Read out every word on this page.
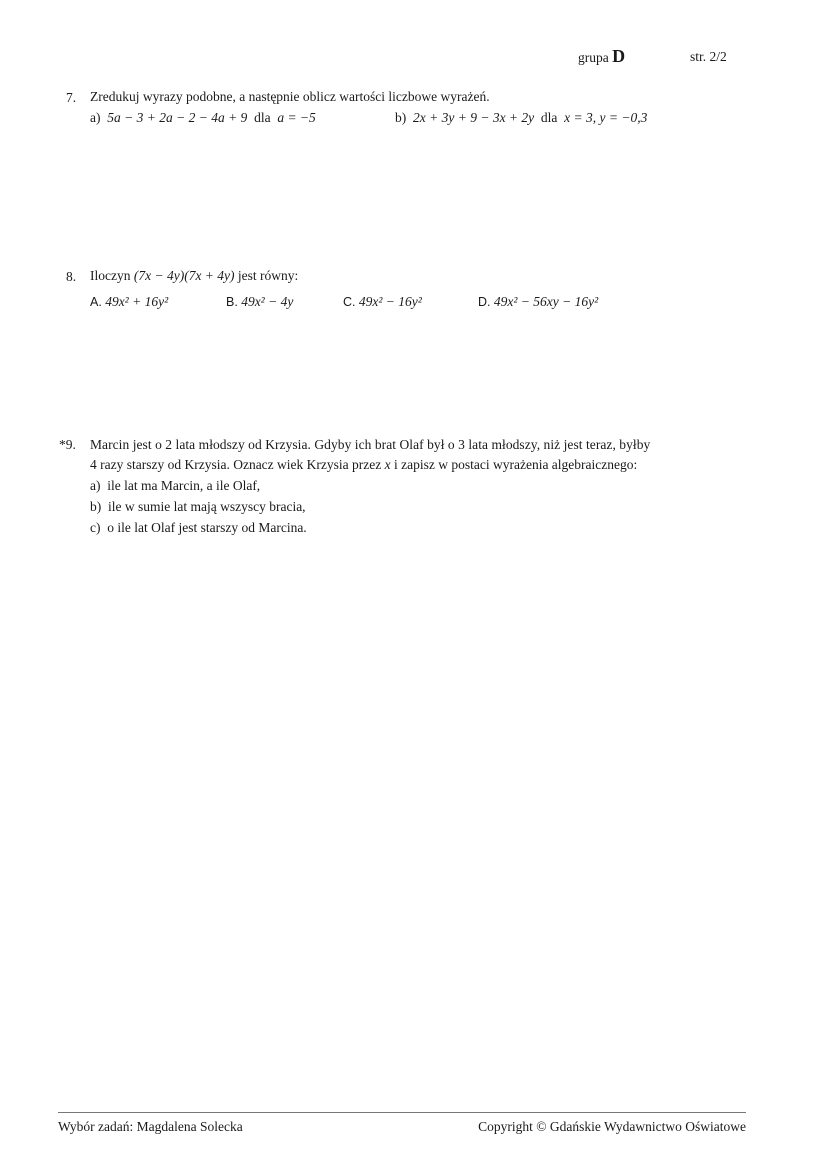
grupa D	str. 2/2
7. Zredukuj wyrazy podobne, a następnie oblicz wartości liczbowe wyrażeń.
a) 5a − 3 + 2a − 2 − 4a + 9 dla a = −5	b) 2x + 3y + 9 − 3x + 2y dla x = 3, y = −0,3
8. Iloczyn (7x − 4y)(7x + 4y) jest równy:
A. 49x² + 16y²	B. 49x² − 4y	C. 49x² − 16y²	D. 49x² − 56xy − 16y²
*9. Marcin jest o 2 lata młodszy od Krzysia. Gdyby ich brat Olaf był o 3 lata młodszy, niż jest teraz, byłby
4 razy starszy od Krzysia. Oznacz wiek Krzysia przez x i zapisz w postaci wyrażenia algebraicznego:
a) ile lat ma Marcin, a ile Olaf,
b) ile w sumie lat mają wszyscy bracia,
c) o ile lat Olaf jest starszy od Marcina.
Wybór zadań: Magdalena Solecka	Copyright © Gdańskie Wydawnictwo Oświatowe
